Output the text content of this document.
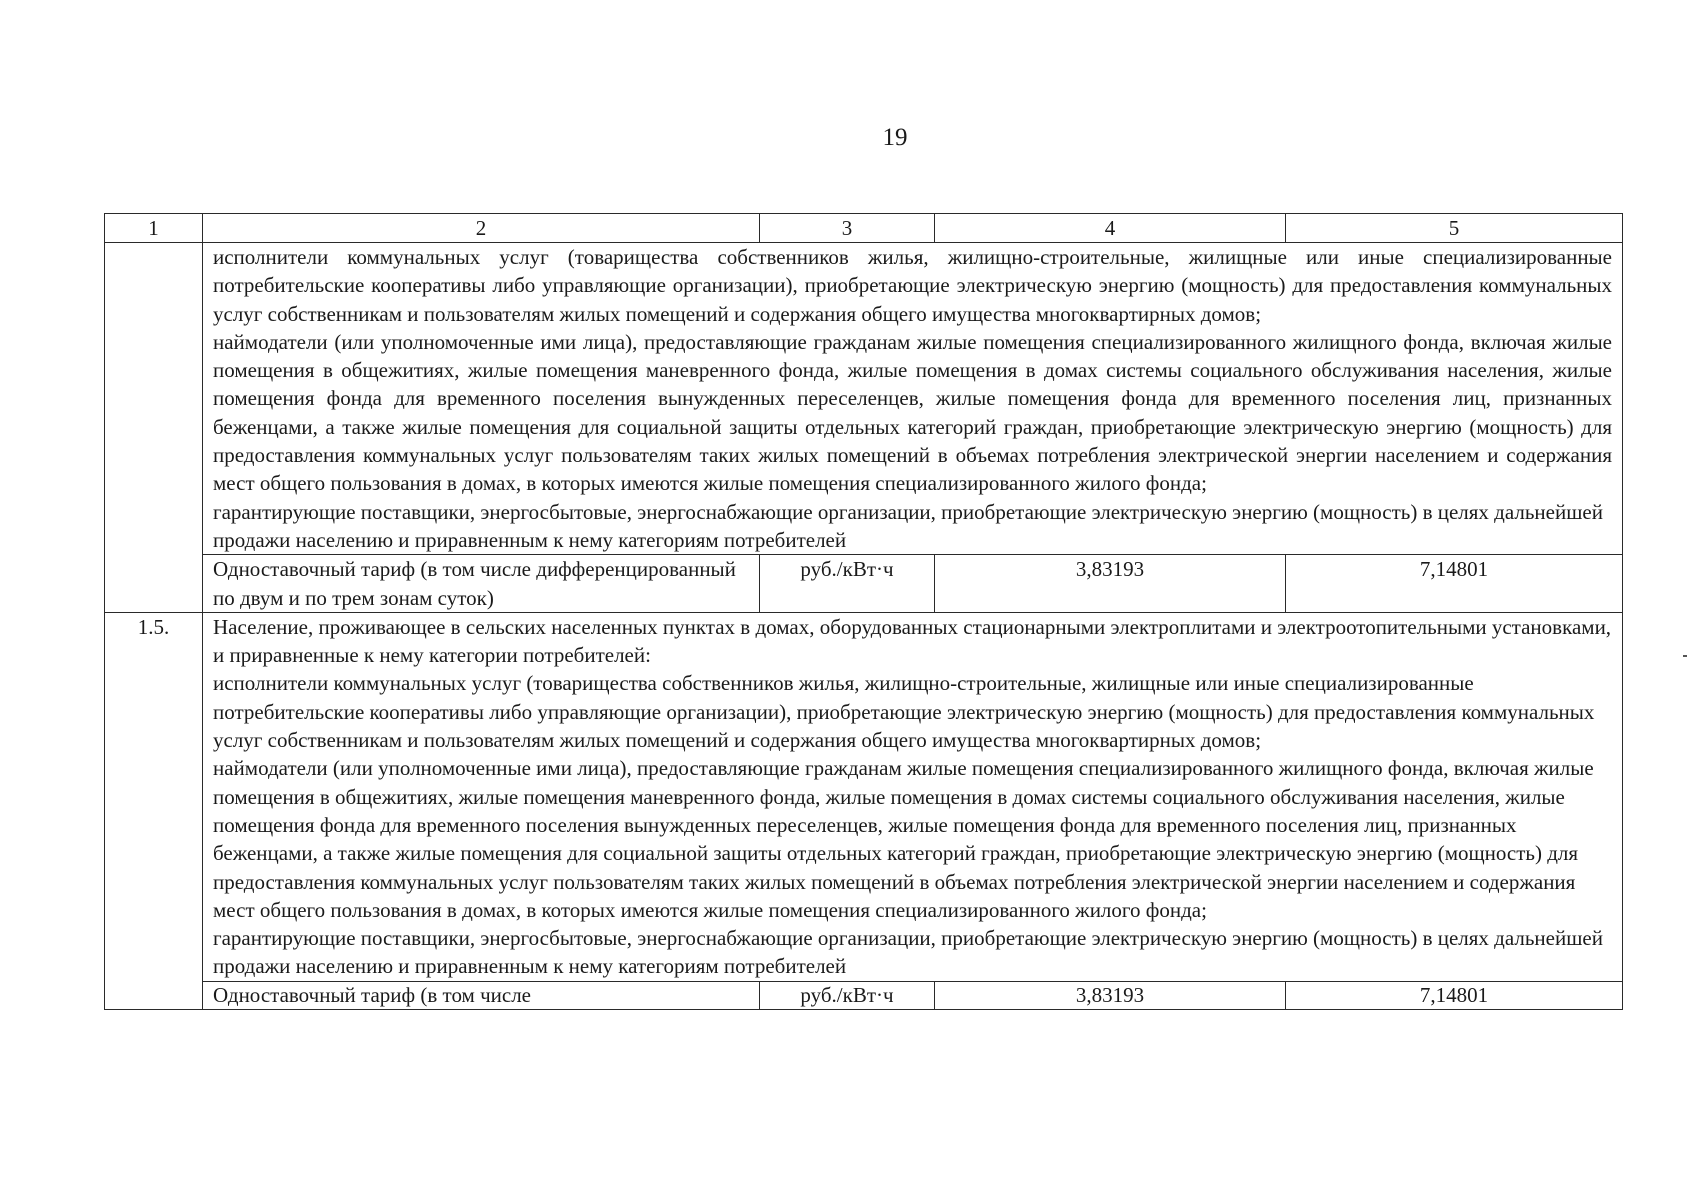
19
1	2	3	4	5

	исполнители коммунальных услуг (товарищества собственников жилья, жилищно-строительные, жилищные или иные специализированные потребительские кооперативы либо управляющие организации), приобретающие электрическую энергию (мощность) для предоставления коммунальных услуг собственникам и пользователям жилых помещений и содержания общего имущества многоквартирных домов;
наймодатели (или уполномоченные ими лица), предоставляющие гражданам жилые помещения специализированного жилищного фонда, включая жилые помещения в общежитиях, жилые помещения маневренного фонда, жилые помещения в домах системы социального обслуживания населения, жилые помещения фонда для временного поселения вынужденных переселенцев, жилые помещения фонда для временного поселения лиц, признанных беженцами, а также жилые помещения для социальной защиты отдельных категорий граждан, приобретающие электрическую энергию (мощность) для предоставления коммунальных услуг пользователям таких жилых помещений в объемах потребления электрической энергии населением и содержания мест общего пользования в домах, в которых имеются жилые помещения специализированного жилого фонда;
гарантирующие поставщики, энергосбытовые, энергоснабжающие организации, приобретающие электрическую энергию (мощность) в целях дальнейшей продажи населению и приравненным к нему категориям потребителей			

	Одноставочный тариф (в том числе дифференцированный по двум и по трем зонам суток)	руб./кВт·ч	3,83193	7,14801
1.5.	Население, проживающее в сельских населенных пунктах в домах, оборудованных стационарными электроплитами и электроотопительными установками, и приравненные к нему категории потребителей:
исполнители коммунальных услуг (товарищества собственников жилья, жилищно-строительные, жилищные или иные специализированные потребительские кооперативы либо управляющие организации), приобретающие электрическую энергию (мощность) для предоставления коммунальных услуг собственникам и пользователям жилых помещений и содержания общего имущества многоквартирных домов;
наймодатели (или уполномоченные ими лица), предоставляющие гражданам жилые помещения специализированного жилищного фонда, включая жилые помещения в общежитиях, жилые помещения маневренного фонда, жилые помещения в домах системы социального обслуживания населения, жилые помещения фонда для временного поселения вынужденных переселенцев, жилые помещения фонда для временного поселения лиц, признанных беженцами, а также жилые помещения для социальной защиты отдельных категорий граждан, приобретающие электрическую энергию (мощность) для предоставления коммунальных услуг пользователям таких жилых помещений в объемах потребления электрической энергии населением и содержания мест общего пользования в домах, в которых имеются жилые помещения специализированного жилого фонда;
гарантирующие поставщики, энергосбытовые, энергоснабжающие организации, приобретающие электрическую энергию (мощность) в целях дальнейшей продажи населению и приравненным к нему категориям потребителей			

	Одноставочный тариф (в том числе	руб./кВт·ч	3,83193	7,14801
